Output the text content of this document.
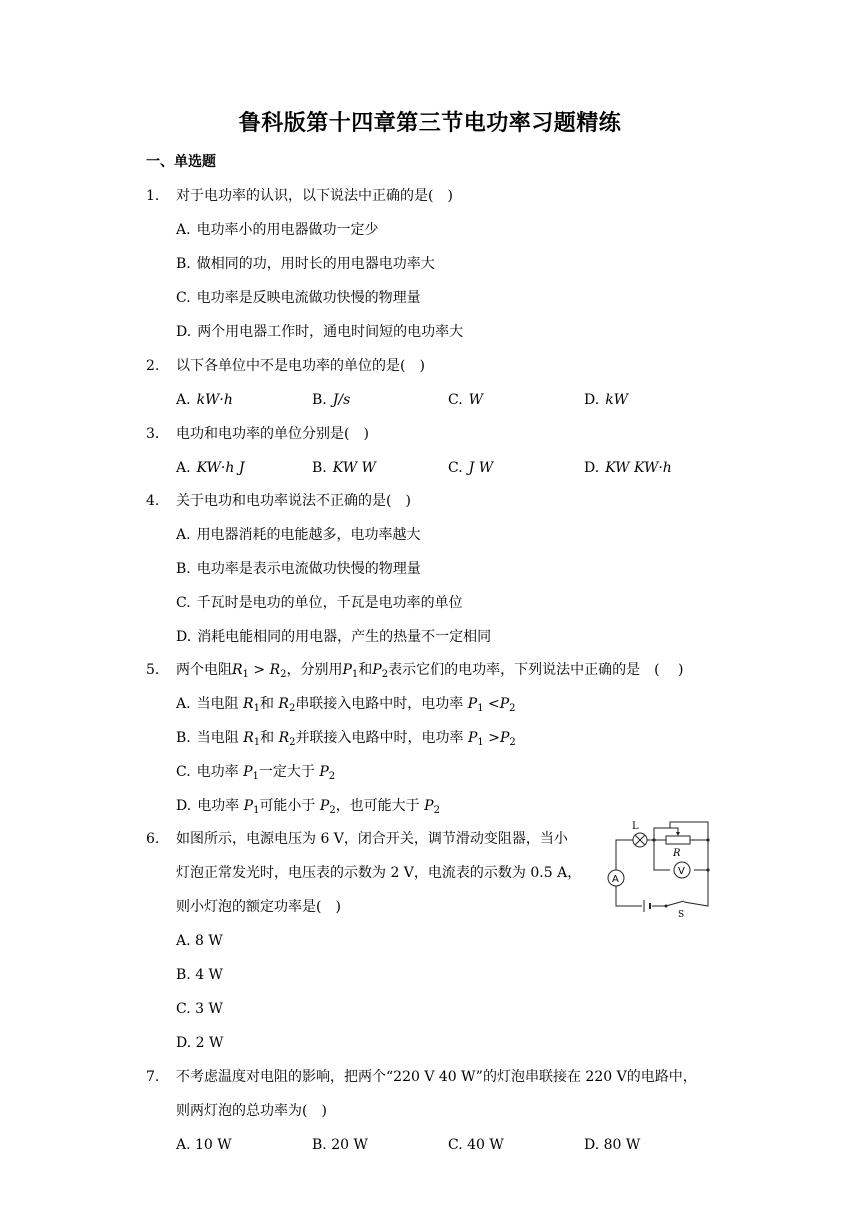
鲁科版第十四章第三节电功率习题精练
一、单选题
1. 对于电功率的认识，以下说法中正确的是(　)
A. 电功率小的用电器做功一定少
B. 做相同的功，用时长的用电器电功率大
C. 电功率是反映电流做功快慢的物理量
D. 两个用电器工作时，通电时间短的电功率大
2. 以下各单位中不是电功率的单位的是(　)
A. kW·h	B. J/s	C. W	D. kW
3. 电功和电功率的单位分别是(　)
A. KW·h J	B. KW W	C. J W	D. KW KW·h
4. 关于电功和电功率说法不正确的是(　)
A. 用电器消耗的电能越多，电功率越大
B. 电功率是表示电流做功快慢的物理量
C. 千瓦时是电功的单位，千瓦是电功率的单位
D. 消耗电能相同的用电器，产生的热量不一定相同
5. 两个电阻$R_1 > R_2$，分别用$P_1$和$P_2$表示它们的电功率，下列说法中正确的是　(　 )
A. 当电阻 $R_1$和 $R_2$串联接入电路中时，电功率 $P_1 <P_2$
B. 当电阻 $R_1$和 $R_2$并联接入电路中时，电功率 $P_1 >P_2$
C. 电功率 $P_1$一定大于 $P_2$
D. 电功率 $P_1$可能小于 $P_2$，也可能大于 $P_2$
6. 如图所示，电源电压为 6 V，闭合开关，调节滑动变阻器，当小
灯泡正常发光时，电压表的示数为 2 V，电流表的示数为 0.5 A，
则小灯泡的额定功率是(　)
A. 8 W
B. 4 W
C. 3 W
D. 2 W
L
R
V
A
S
7. 不考虑温度对电阻的影响，把两个“220 V 40 W”的灯泡串联接在 220 V的电路中，
则两灯泡的总功率为(　)
A. 10 W	B. 20 W	C. 40 W	D. 80 W
